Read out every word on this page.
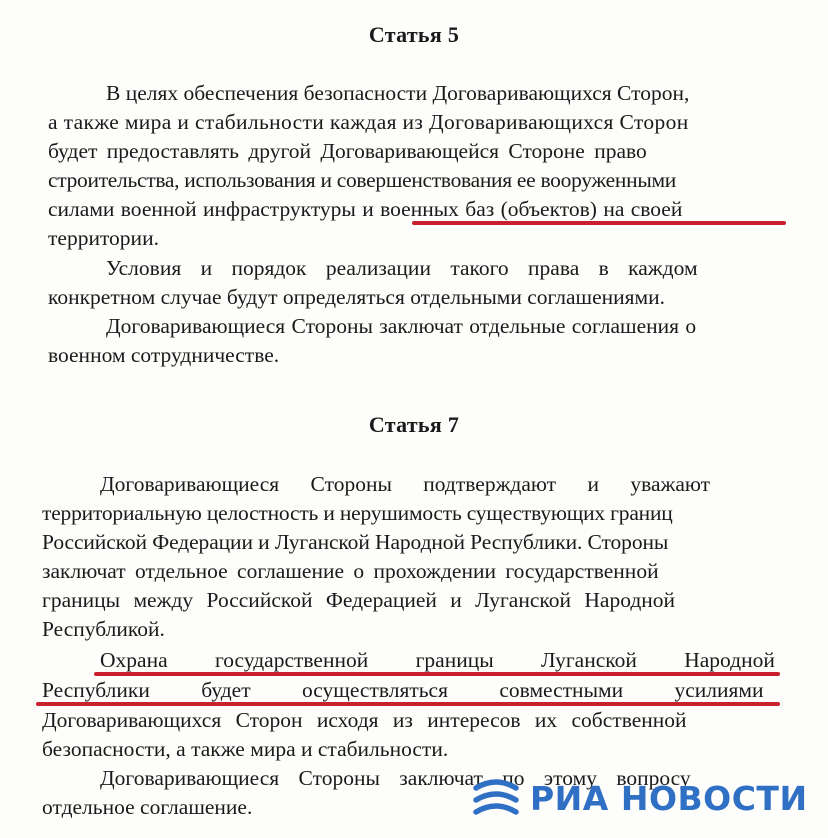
Статья 5
В целях обеспечения безопасности Договаривающихся Сторон,
а также мира и стабильности каждая из Договаривающихся Сторон
будет предоставлять другой Договаривающейся Стороне право
строительства, использования и совершенствования ее вооруженными
силами военной инфраструктуры и военных баз (объектов) на своей
территории.
Условия и порядок реализации такого права в каждом
конкретном случае будут определяться отдельными соглашениями.
Договаривающиеся Стороны заключат отдельные соглашения о
военном сотрудничестве.
Статья 7
Договаривающиеся Стороны подтверждают и уважают
территориальную целостность и нерушимость существующих границ
Российской Федерации и Луганской Народной Республики. Стороны
заключат отдельное соглашение о прохождении государственной
границы между Российской Федерацией и Луганской Народной
Республикой.
Охрана государственной границы Луганской Народной
Республики будет осуществляться совместными усилиями
Договаривающихся Сторон исходя из интересов их собственной
безопасности, а также мира и стабильности.
Договаривающиеся Стороны заключат по этому вопросу
отдельное соглашение.	РИА НОВОСТИ
